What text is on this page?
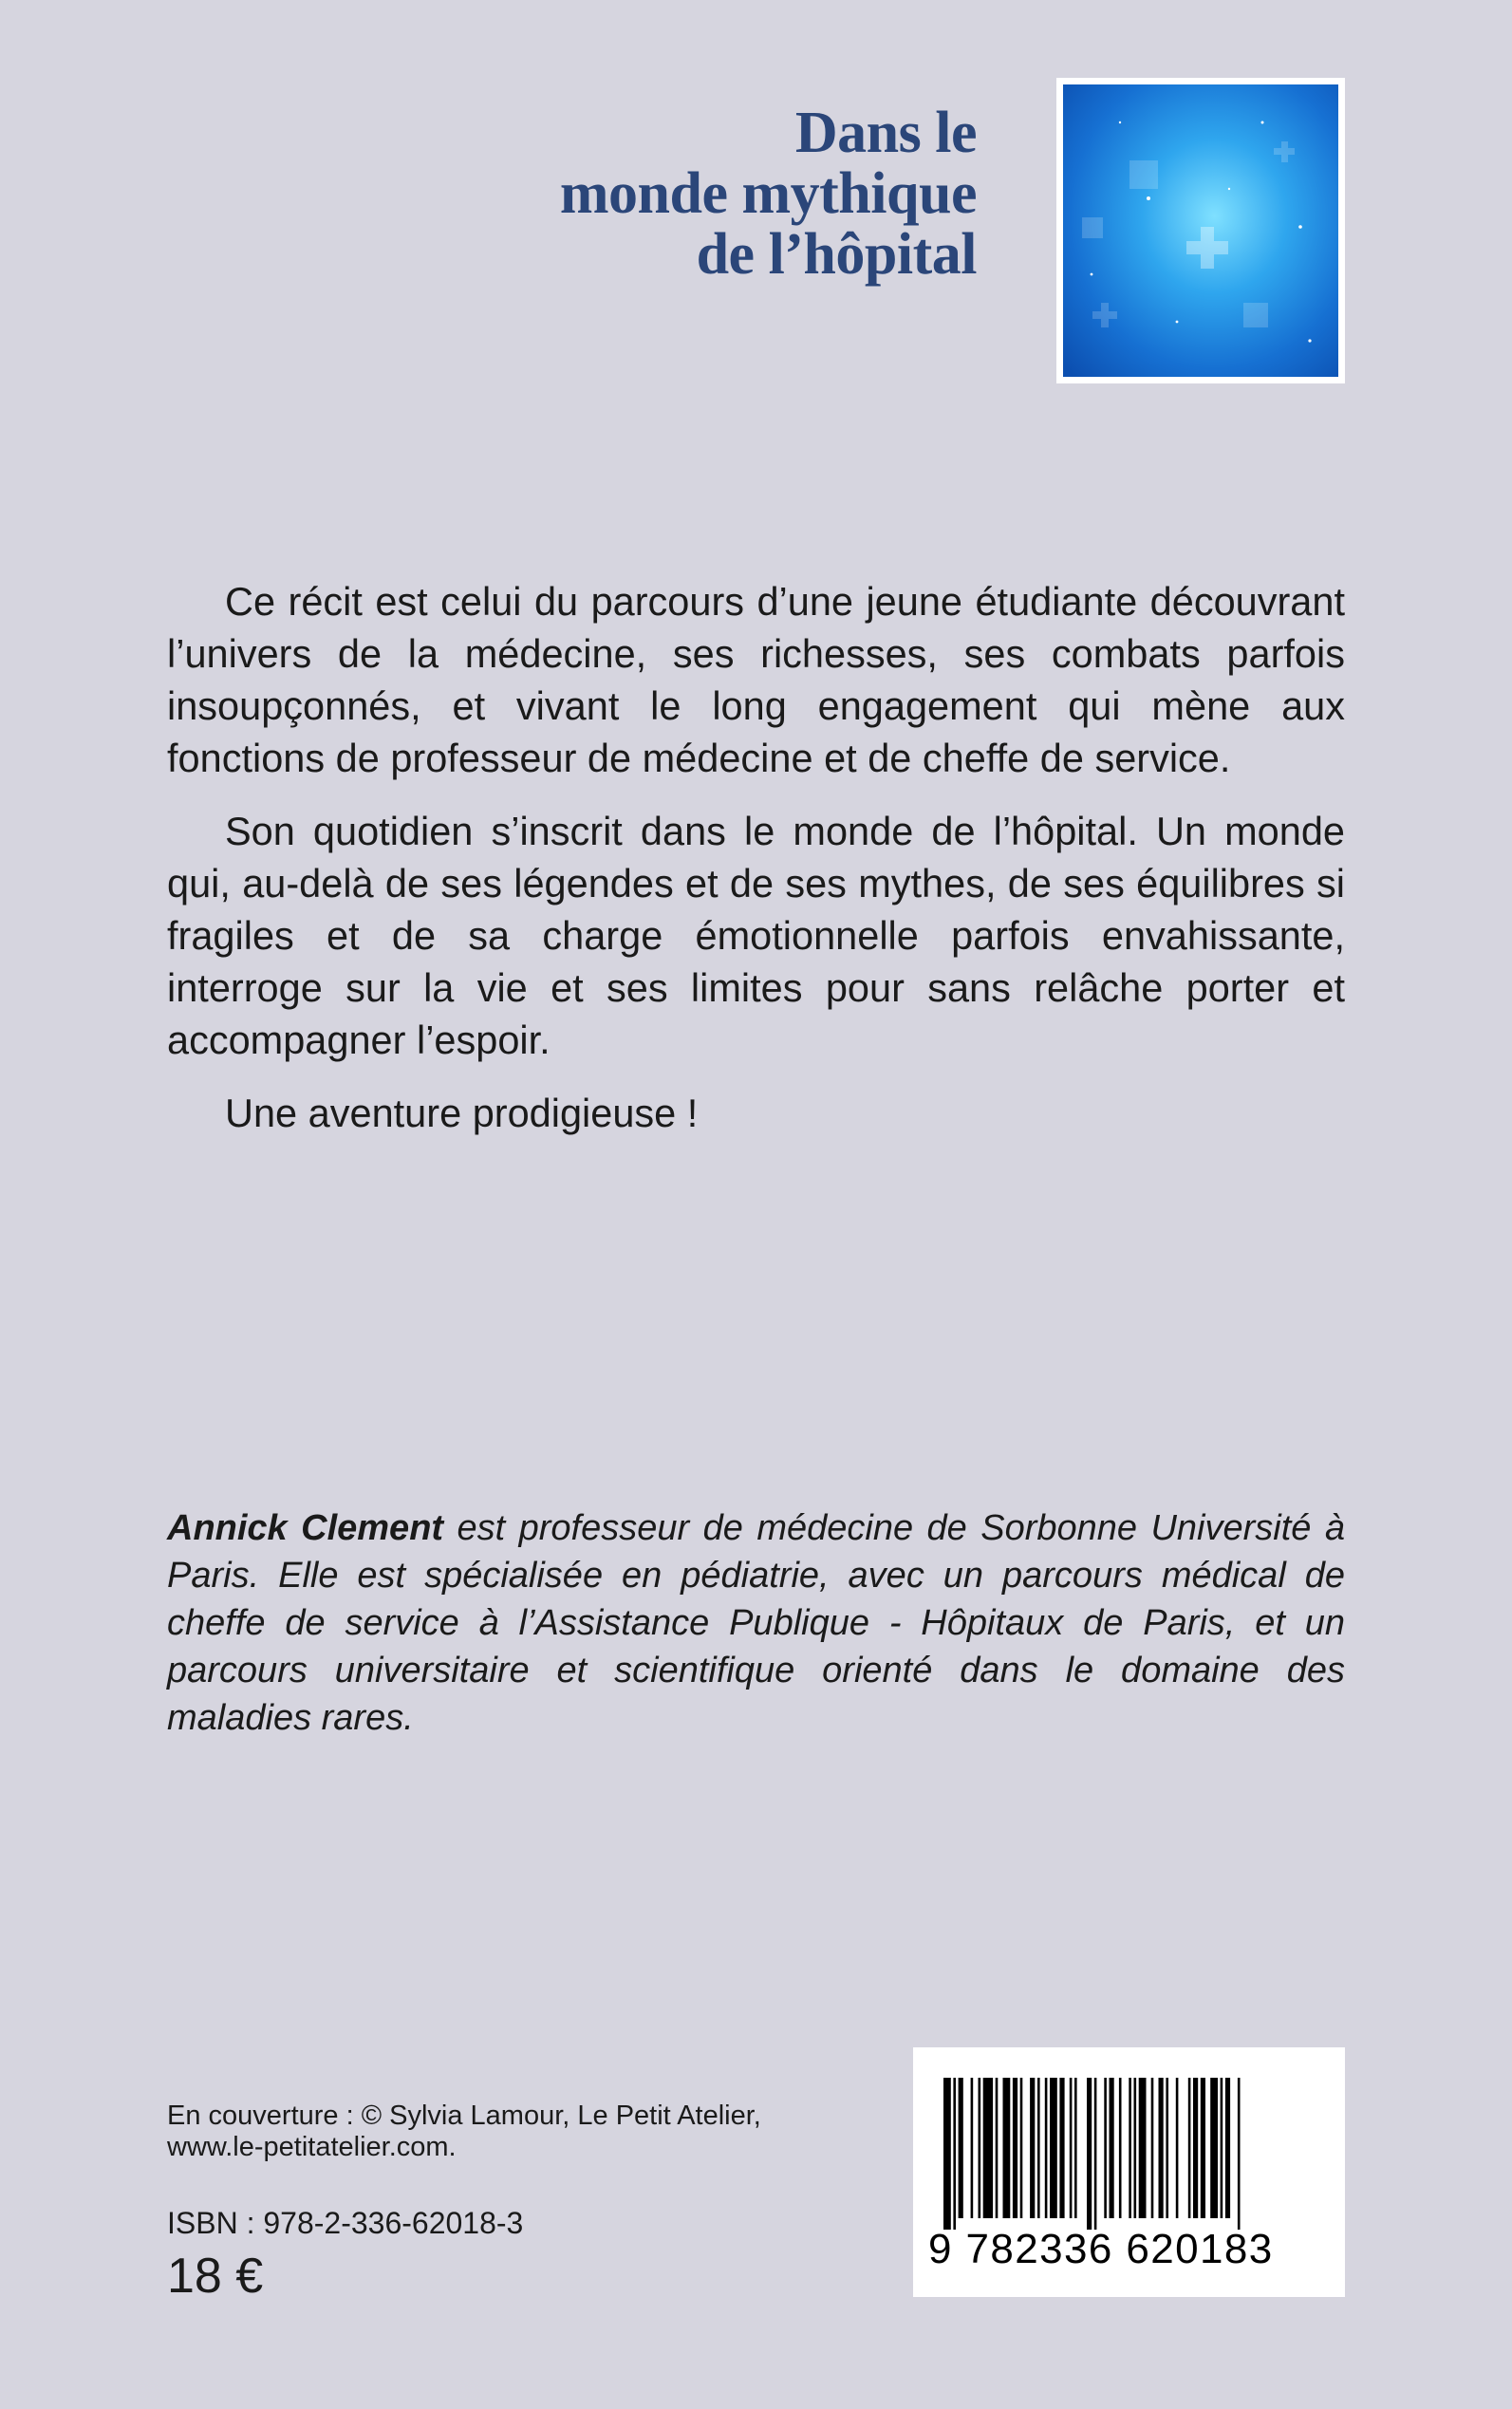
Dans le
monde mythique
de l’hôpital

Ce récit est celui du parcours d’une jeune étudiante découvrant l’univers de la médecine, ses richesses, ses combats parfois insoupçonnés, et vivant le long engagement qui mène aux fonctions de professeur de médecine et de cheffe de service.

Son quotidien s’inscrit dans le monde de l’hôpital. Un monde qui, au-delà de ses légendes et de ses mythes, de ses équilibres si fragiles et de sa charge émotionnelle parfois envahissante, interroge sur la vie et ses limites pour sans relâche porter et accompagner l’espoir.

Une aventure prodigieuse !

Annick Clement est professeur de médecine de Sorbonne Université à Paris. Elle est spécialisée en pédiatrie, avec un parcours médical de cheffe de service à l’Assistance Publique - Hôpitaux de Paris, et un parcours universitaire et scientifique orienté dans le domaine des maladies rares.

En couverture : © Sylvia Lamour, Le Petit Atelier,
www.le-petitatelier.com.

ISBN : 978-2-336-62018-3

18 €	9 782336 620183
